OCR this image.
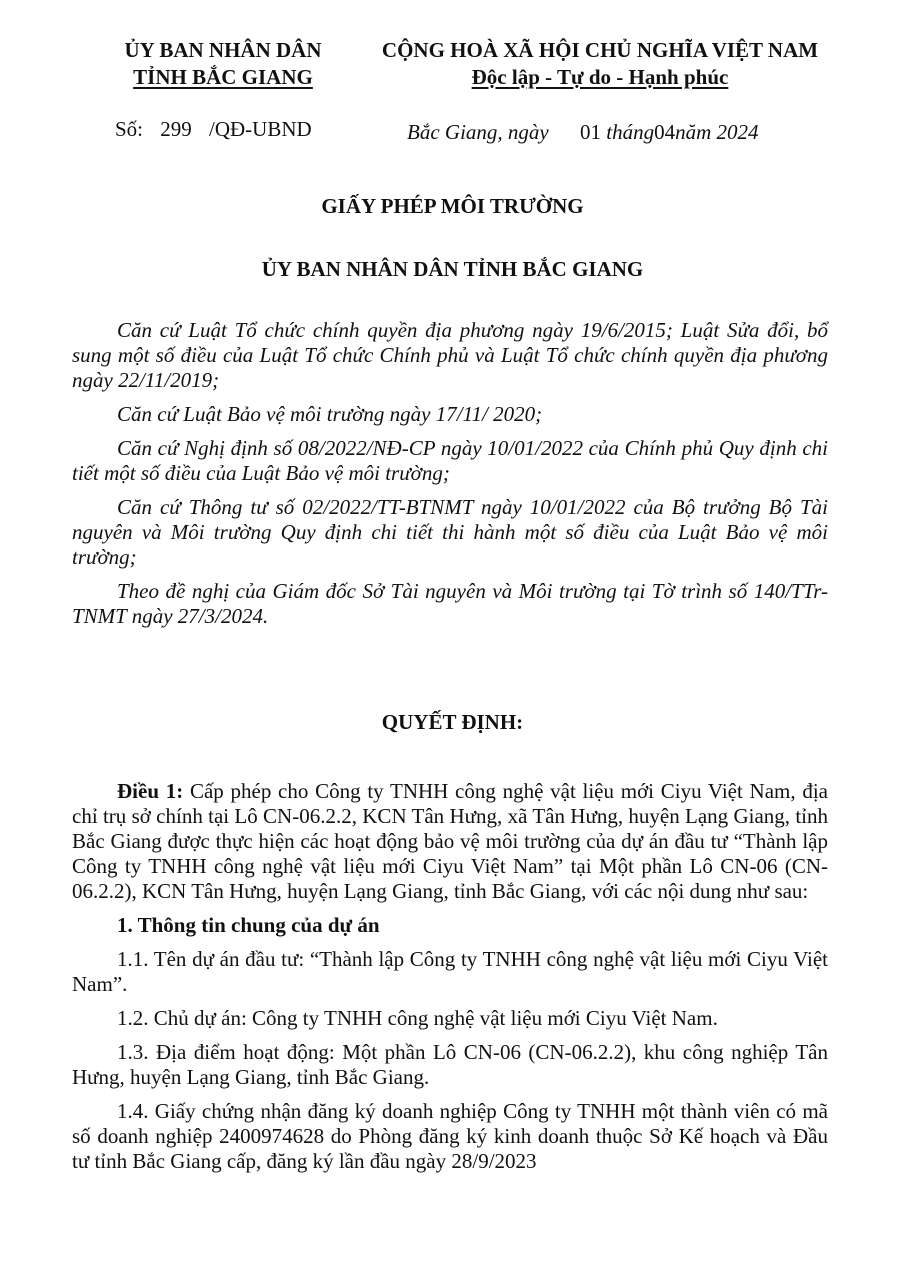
ỦY BAN NHÂN DÂN
TỈNH BẮC GIANG
CỘNG HOÀ XÃ HỘI CHỦ NGHĨA VIỆT NAM
Độc lập - Tự do - Hạnh phúc
Số: 299 /QĐ-UBND	Bắc Giang, ngày 01 tháng04năm 2024
GIẤY PHÉP MÔI TRƯỜNG
ỦY BAN NHÂN DÂN TỈNH BẮC GIANG

Căn cứ Luật Tổ chức chính quyền địa phương ngày 19/6/2015; Luật Sửa đổi, bổ sung một số điều của Luật Tổ chức Chính phủ và Luật Tổ chức chính quyền địa phương ngày 22/11/2019;

Căn cứ Luật Bảo vệ môi trường ngày 17/11/ 2020;

Căn cứ Nghị định số 08/2022/NĐ-CP ngày 10/01/2022 của Chính phủ Quy định chi tiết một số điều của Luật Bảo vệ môi trường;

Căn cứ Thông tư số 02/2022/TT-BTNMT ngày 10/01/2022 của Bộ trưởng Bộ Tài nguyên và Môi trường Quy định chi tiết thi hành một số điều của Luật Bảo vệ môi trường;

Theo đề nghị của Giám đốc Sở Tài nguyên và Môi trường tại Tờ trình số 140/TTr-TNMT ngày 27/3/2024.

QUYẾT ĐỊNH:

Điều 1: Cấp phép cho Công ty TNHH công nghệ vật liệu mới Ciyu Việt Nam, địa chỉ trụ sở chính tại Lô CN-06.2.2, KCN Tân Hưng, xã Tân Hưng, huyện Lạng Giang, tỉnh Bắc Giang được thực hiện các hoạt động bảo vệ môi trường của dự án đầu tư “Thành lập Công ty TNHH công nghệ vật liệu mới Ciyu Việt Nam” tại Một phần Lô CN-06 (CN-06.2.2), KCN Tân Hưng, huyện Lạng Giang, tỉnh Bắc Giang, với các nội dung như sau:

1. Thông tin chung của dự án

1.1. Tên dự án đầu tư: “Thành lập Công ty TNHH công nghệ vật liệu mới Ciyu Việt Nam”.

1.2. Chủ dự án: Công ty TNHH công nghệ vật liệu mới Ciyu Việt Nam.

1.3. Địa điểm hoạt động: Một phần Lô CN-06 (CN-06.2.2), khu công nghiệp Tân Hưng, huyện Lạng Giang, tỉnh Bắc Giang.

1.4. Giấy chứng nhận đăng ký doanh nghiệp Công ty TNHH một thành viên có mã số doanh nghiệp 2400974628 do Phòng đăng ký kinh doanh thuộc Sở Kế hoạch và Đầu tư tỉnh Bắc Giang cấp, đăng ký lần đầu ngày 28/9/2023
